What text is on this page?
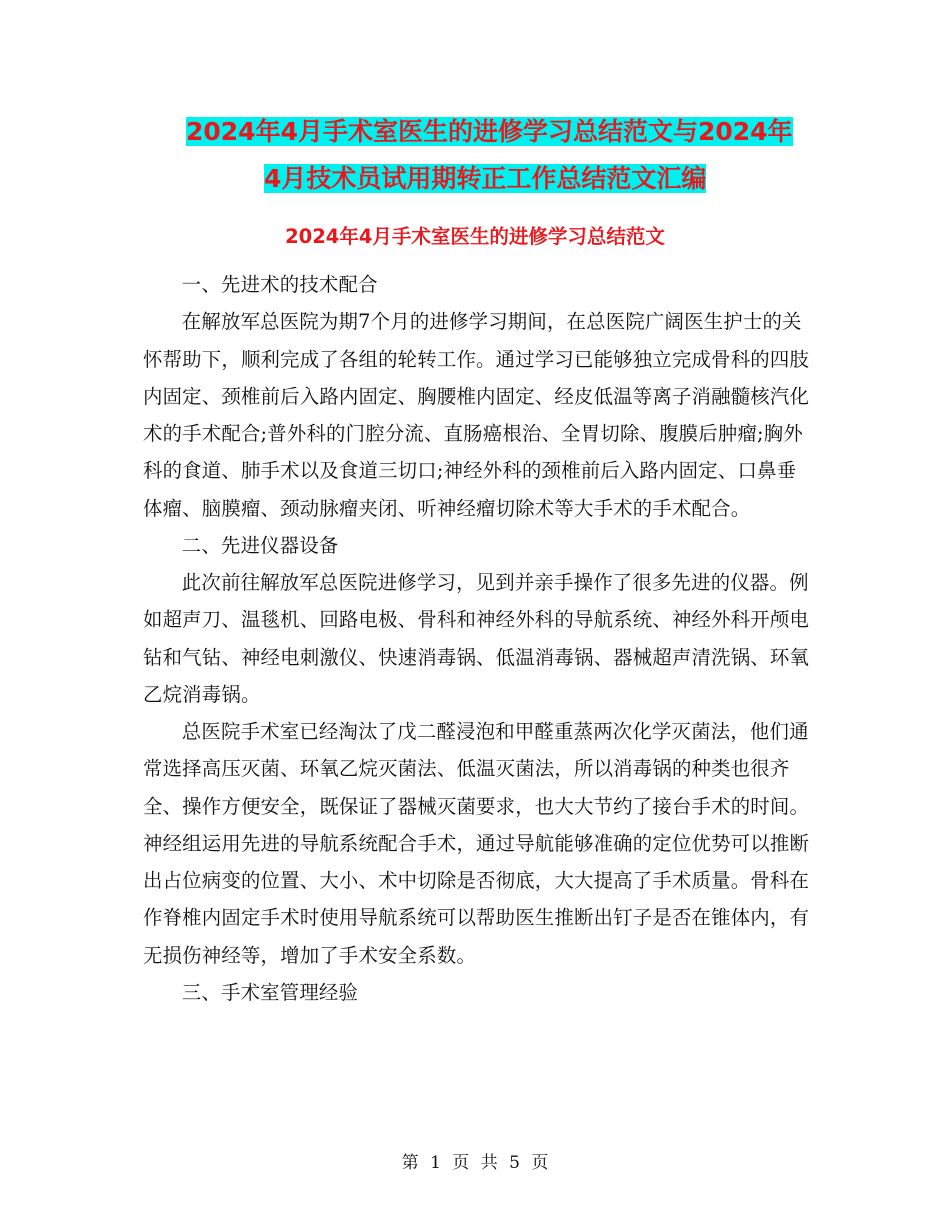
2024年4月手术室医生的进修学习总结范文与2024年
4月技术员试用期转正工作总结范文汇编
2024年4月手术室医生的进修学习总结范文

一、先进术的技术配合

在解放军总医院为期7个月的进修学习期间，在总医院广阔医生护士的关怀帮助下，顺利完成了各组的轮转工作。通过学习已能够独立完成骨科的四肢内固定、颈椎前后入路内固定、胸腰椎内固定、经皮低温等离子消融髓核汽化术的手术配合;普外科的门腔分流、直肠癌根治、全胃切除、腹膜后肿瘤;胸外科的食道、肺手术以及食道三切口;神经外科的颈椎前后入路内固定、口鼻垂体瘤、脑膜瘤、颈动脉瘤夹闭、听神经瘤切除术等大手术的手术配合。

二、先进仪器设备

此次前往解放军总医院进修学习，见到并亲手操作了很多先进的仪器。例如超声刀、温毯机、回路电极、骨科和神经外科的导航系统、神经外科开颅电钻和气钻、神经电刺激仪、快速消毒锅、低温消毒锅、器械超声清洗锅、环氧乙烷消毒锅。

总医院手术室已经淘汰了戊二醛浸泡和甲醛重蒸两次化学灭菌法，他们通常选择高压灭菌、环氧乙烷灭菌法、低温灭菌法，所以消毒锅的种类也很齐全、操作方便安全，既保证了器械灭菌要求，也大大节约了接台手术的时间。神经组运用先进的导航系统配合手术，通过导航能够准确的定位优势可以推断出占位病变的位置、大小、术中切除是否彻底，大大提高了手术质量。骨科在作脊椎内固定手术时使用导航系统可以帮助医生推断出钉子是否在锥体内，有无损伤神经等，增加了手术安全系数。

三、手术室管理经验

第 1 页 共 5 页
